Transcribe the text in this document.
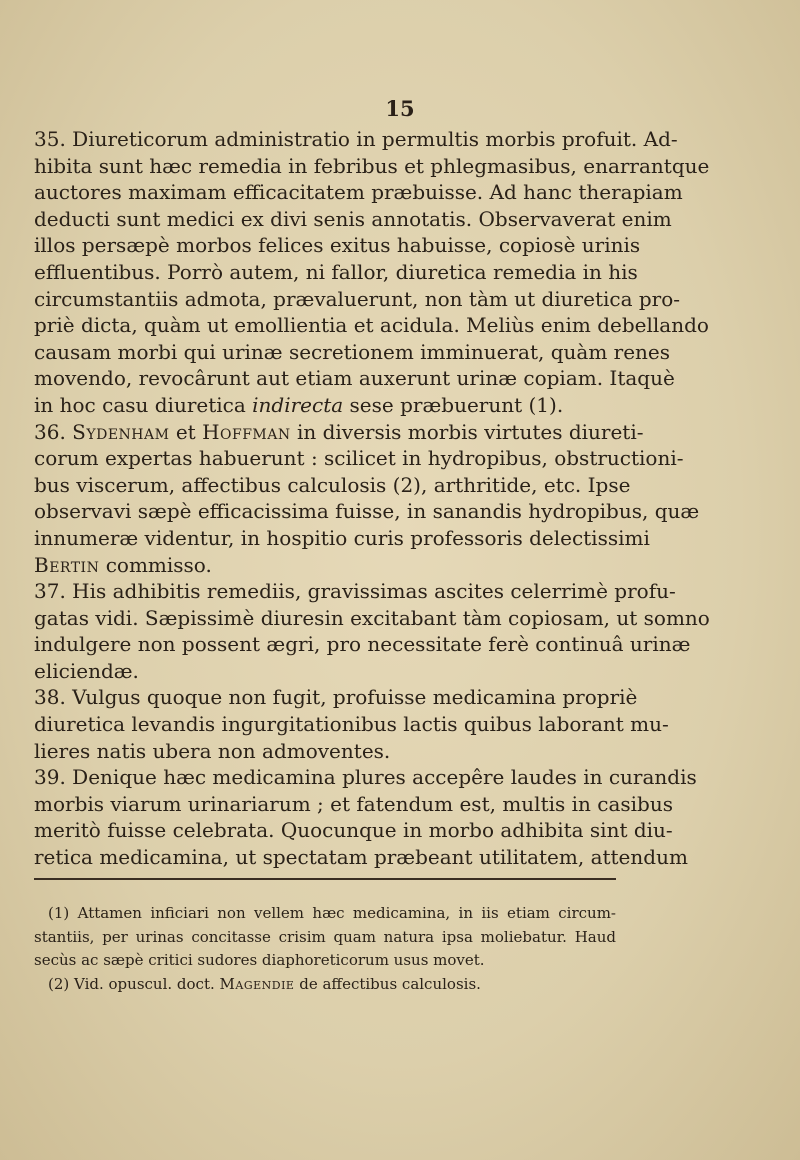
15
35. Diureticorum administratio in permultis morbis profuit. Ad-
hibita sunt hæc remedia in febribus et phlegmasibus, enarrantque
auctores maximam efficacitatem præbuisse. Ad hanc therapiam
deducti sunt medici ex divi senis annotatis. Observaverat enim
illos persæpè morbos felices exitus habuisse, copiosè urinis
effluentibus. Porrò autem, ni fallor, diuretica remedia in his
circumstantiis admota, prævaluerunt, non tàm ut diuretica pro-
priè dicta, quàm ut emollientia et acidula. Meliùs enim debellando
causam morbi qui urinæ secretionem imminuerat, quàm renes
movendo, revocârunt aut etiam auxerunt urinæ copiam. Itaquè
in hoc casu diuretica indirecta sese præbuerunt (1).
36. Sydenham et Hoffman in diversis morbis virtutes diureti-
corum expertas habuerunt : scilicet in hydropibus, obstructioni-
bus viscerum, affectibus calculosis (2), arthritide, etc. Ipse
observavi sæpè efficacissima fuisse, in sanandis hydropibus, quæ
innumeræ videntur, in hospitio curis professoris delectissimi
Bertin commisso.
37. His adhibitis remediis, gravissimas ascites celerrimè profu-
gatas vidi. Sæpissimè diuresin excitabant tàm copiosam, ut somno
indulgere non possent ægri, pro necessitate ferè continuâ urinæ
eliciendæ.
38. Vulgus quoque non fugit, profuisse medicamina propriè
diuretica levandis ingurgitationibus lactis quibus laborant mu-
lieres natis ubera non admoventes.
39. Denique hæc medicamina plures accepêre laudes in curandis
morbis viarum urinariarum ; et fatendum est, multis in casibus
meritò fuisse celebrata. Quocunque in morbo adhibita sint diu-
retica medicamina, ut spectatam præbeant utilitatem, attendum
(1) Attamen inficiari non vellem hæc medicamina, in iis etiam circum-
stantiis, per urinas concitasse crisim quam natura ipsa moliebatur. Haud
secùs ac sæpè critici sudores diaphoreticorum usus movet.
(2) Vid. opuscul. doct. Magendie de affectibus calculosis.
